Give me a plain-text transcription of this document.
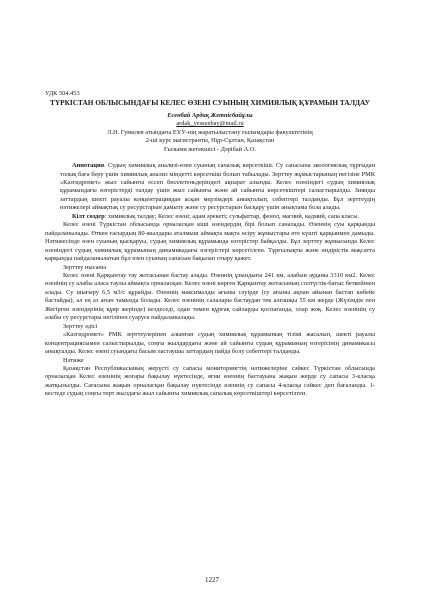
УДК 504.453

ТҮРКІСТАН ОБЛЫСЫНДАҒЫ КЕЛЕС ӨЗЕНІ СУЫНЫҢ ХИМИЯЛЫҚ ҚҰРАМЫН ТАЛДАУ

Есенбай Ардақ Жетпісбайұлы

ardak_yessenbay@mail.ru

Л.Н. Гумилев атындағы ЕҰУ-нің жаратылыстану ғылымдары факультетінің

2-ші курс магистранты, Нұр-Сұлтан, Қазақстан

Ғылыми жетекшісі - Дәрібай А.О.

Аннотация. Судың химиялық анализі-өзен суының сапалық көрсеткіші. Су сапасына экологиялық тұрғыдан толық баға беру үшін химиялық анализ міндетті көрсеткіш болып табылады. Зерттеу жұмыстарының негізіне РМК «Казгидромет» жыл сайынғы ессеп бюллетеньдеріндегі ақпарат алынды. Келес өзеніндегі судың химиялық құрамындағы өзгерістерді талдау үшін жыл сайынғы және ай сайынғы көрсеткіштері салыстырылды. Зиянды заттардың шекті рауалы концентрациядан асқан мерзімдері анықталып, себептері талданды. Бұл зерттеудің нәтижелері аймақтық су ресурстарын дамыту және су ресурстарын басқару үшін анықтама бола алады.

Кілт сөздер: химиялық талдау; Келес өзені; адам әрекеті; сульфаттар, фенол, магний, кадмий, сапа класы.

Келес өзені Түркістан облысында орналасқан кіші өзендердің бірі болып саналады. Өзеннің суы қарқынды пайдаланылады. Өткен ғасырдың 80-жылдары аталмыш аймақта мақта өсіру жұмыстары өте күшті қарқынмен дамыды. Нәтижесінде өзен суының қысқаруы, судың химиялық құрамында өзгерістер байқалды. Бұл зерттеу жұмысында Келес өзеніндегі судың химиялық құрамының динамикадағы өзгерістері көрсетілген. Тұрғылықты және өндірістік мақсатта қарқынды пайдаланылатын бұл өзен суының сапасын бақылап отыру қажет.

Зерттеу нысаны

Келес өзені Қарқынтау тау жотасынан бастау алады. Өзеннің ұзындығы 241 км, алабын ауданы 3310 км2. Келес өзенінің су алабы алаcа таулы аймақта орналасқан. Келес өзені көрген Қарқынтау жотасының солтүстік-батыс беткейінен алады. Су шығыру 6,5 м3/с құрайды. Өзеннің максималды ағыны сәуірде (су ағыны ақпан айынан бастап көбейе бастайды), ал ең аз ағын тамызда болады. Келес өзенінің салалары бастаудан тек алғашқы 55 км жерде (Жүзімдік пен Жегірген өзендерінің құяр жерінде) кездеседі, одан төмен құрғақ сайларды қоспағанда, олар жоқ. Келес өзенінің су алабы су ресурстары негізінен суаруға пайдаланылады.

Зерттеу әдісі

«Казгидромет» РМК зерттеулерінен алынған судың химиялық құрамының тізімі жасалып, шекті рауалы концентрациясымен салыстырылды, соңғы жылдардағы және ай сайынғы судың құрамының өзгерісінің динамикасы анықталды. Келес өзені суындағы басым ластаушы заттардың пайда болу себептері талданды.

Нәтиже

Қазақстан Республикасының жерүсті су сапасы мониторингтің нәтижелеріне сәйкес Түркістан облысында орналасқан Келес өзенінің жоғары бақылау нүктесінде, яғни өзеннің бастауына жақын жерде су сапасы 3-класқа жатқызылды. Сағасына жақын орналасқан бақылау нүктесінде өзеннің су сапасы 4-класқа сәйкес деп бағаланды. 1-кестеде судың соңғы төрт жылдағы жыл сайынғы химиялық сапалық көрсеткіштері көрсетілген.

1227
